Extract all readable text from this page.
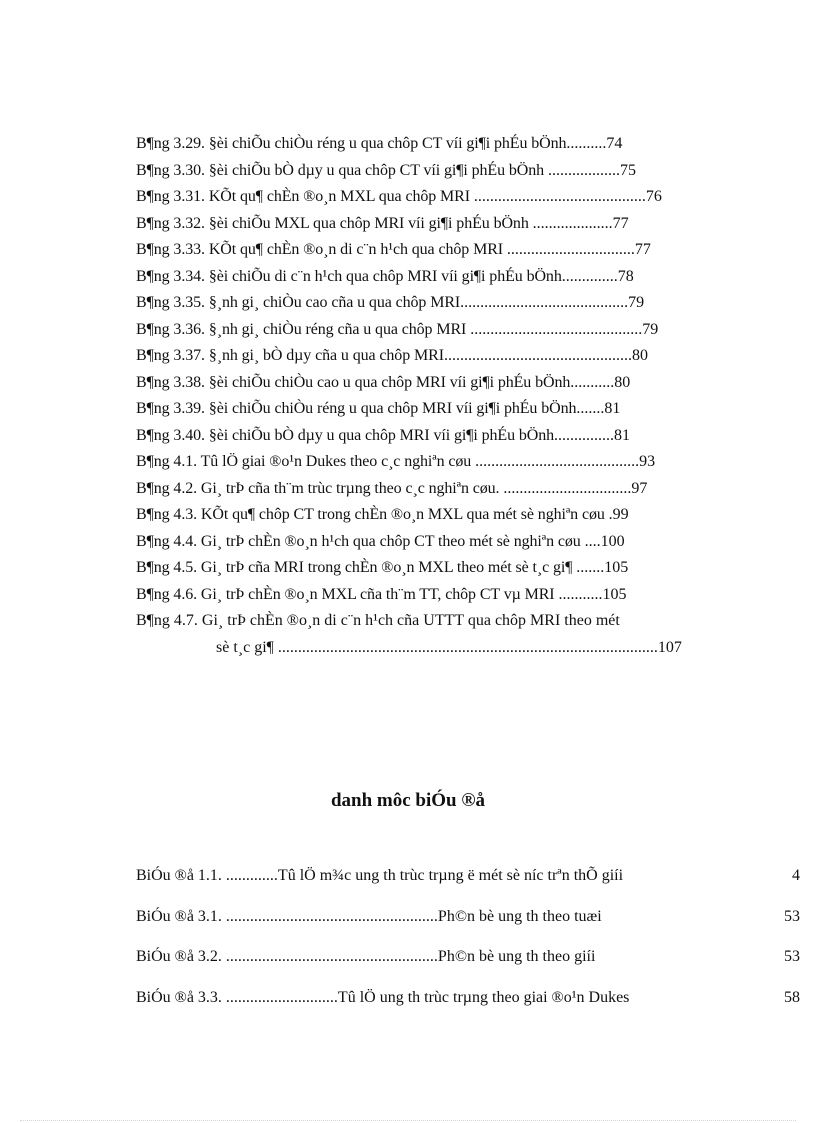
B¶ng 3.29. §èi chiÕu chiÒu réng u qua chôp CT víi gi¶i phÉu bÖnh..........74
B¶ng 3.30. §èi chiÕu bÒ dµy u qua chôp CT víi gi¶i phÉu bÖnh ..................75
B¶ng 3.31. KÕt qu¶ chÈn ®o¸n MXL qua chôp MRI ...........................................76
B¶ng 3.32. §èi chiÕu MXL qua chôp MRI víi gi¶i phÉu bÖnh ....................77
B¶ng 3.33. KÕt qu¶ chÈn ®o¸n di c¨n h¹ch qua chôp MRI ................................77
B¶ng 3.34. §èi chiÕu di c¨n h¹ch qua chôp MRI víi gi¶i phÉu bÖnh..............78
B¶ng 3.35. §¸nh gi¸ chiÒu cao cña u qua chôp MRI..........................................79
B¶ng 3.36. §¸nh gi¸ chiÒu réng cña u qua chôp MRI ...........................................79
B¶ng 3.37. §¸nh gi¸ bÒ dµy cña u qua chôp MRI...............................................80
B¶ng 3.38. §èi chiÕu chiÒu cao u qua chôp MRI víi gi¶i phÉu bÖnh...........80
B¶ng 3.39. §èi chiÕu chiÒu réng u qua chôp MRI víi gi¶i phÉu bÖnh.......81
B¶ng 3.40. §èi chiÕu bÒ dµy u qua chôp MRI víi gi¶i phÉu bÖnh...............81
B¶ng 4.1. Tû lÖ giai ®o¹n Dukes theo c¸c nghiªn cøu .........................................93
B¶ng 4.2. Gi¸ trÞ cña th¨m trùc trµng theo c¸c nghiªn cøu. ................................97
B¶ng 4.3. KÕt qu¶ chôp CT trong chÈn ®o¸n MXL qua mét sè nghiªn cøu .99
B¶ng 4.4. Gi¸ trÞ chÈn ®o¸n h¹ch qua chôp CT theo mét sè nghiªn cøu ....100
B¶ng 4.5. Gi¸ trÞ cña MRI trong chÈn ®o¸n MXL theo mét sè t¸c gi¶ .......105
B¶ng 4.6. Gi¸ trÞ chÈn ®o¸n MXL cña th¨m TT, chôp CT vµ MRI ...........105
B¶ng 4.7. Gi¸ trÞ chÈn ®o¸n di c¨n h¹ch cña UTTT qua chôp MRI theo mét
sè t¸c gi¶ ...............................................................................................107
danh môc biÓu ®å
BiÓu ®å 1.1. .............Tû lÖ m¾c ung th trùc trµng ë mét sè níc trªn thÕ giíi	4
BiÓu ®å 3.1. .....................................................Ph©n bè ung th theo tuæi	53
BiÓu ®å 3.2. .....................................................Ph©n bè ung th theo giíi	53
BiÓu ®å 3.3. ............................Tû lÖ ung th trùc trµng theo giai ®o¹n Dukes	58
